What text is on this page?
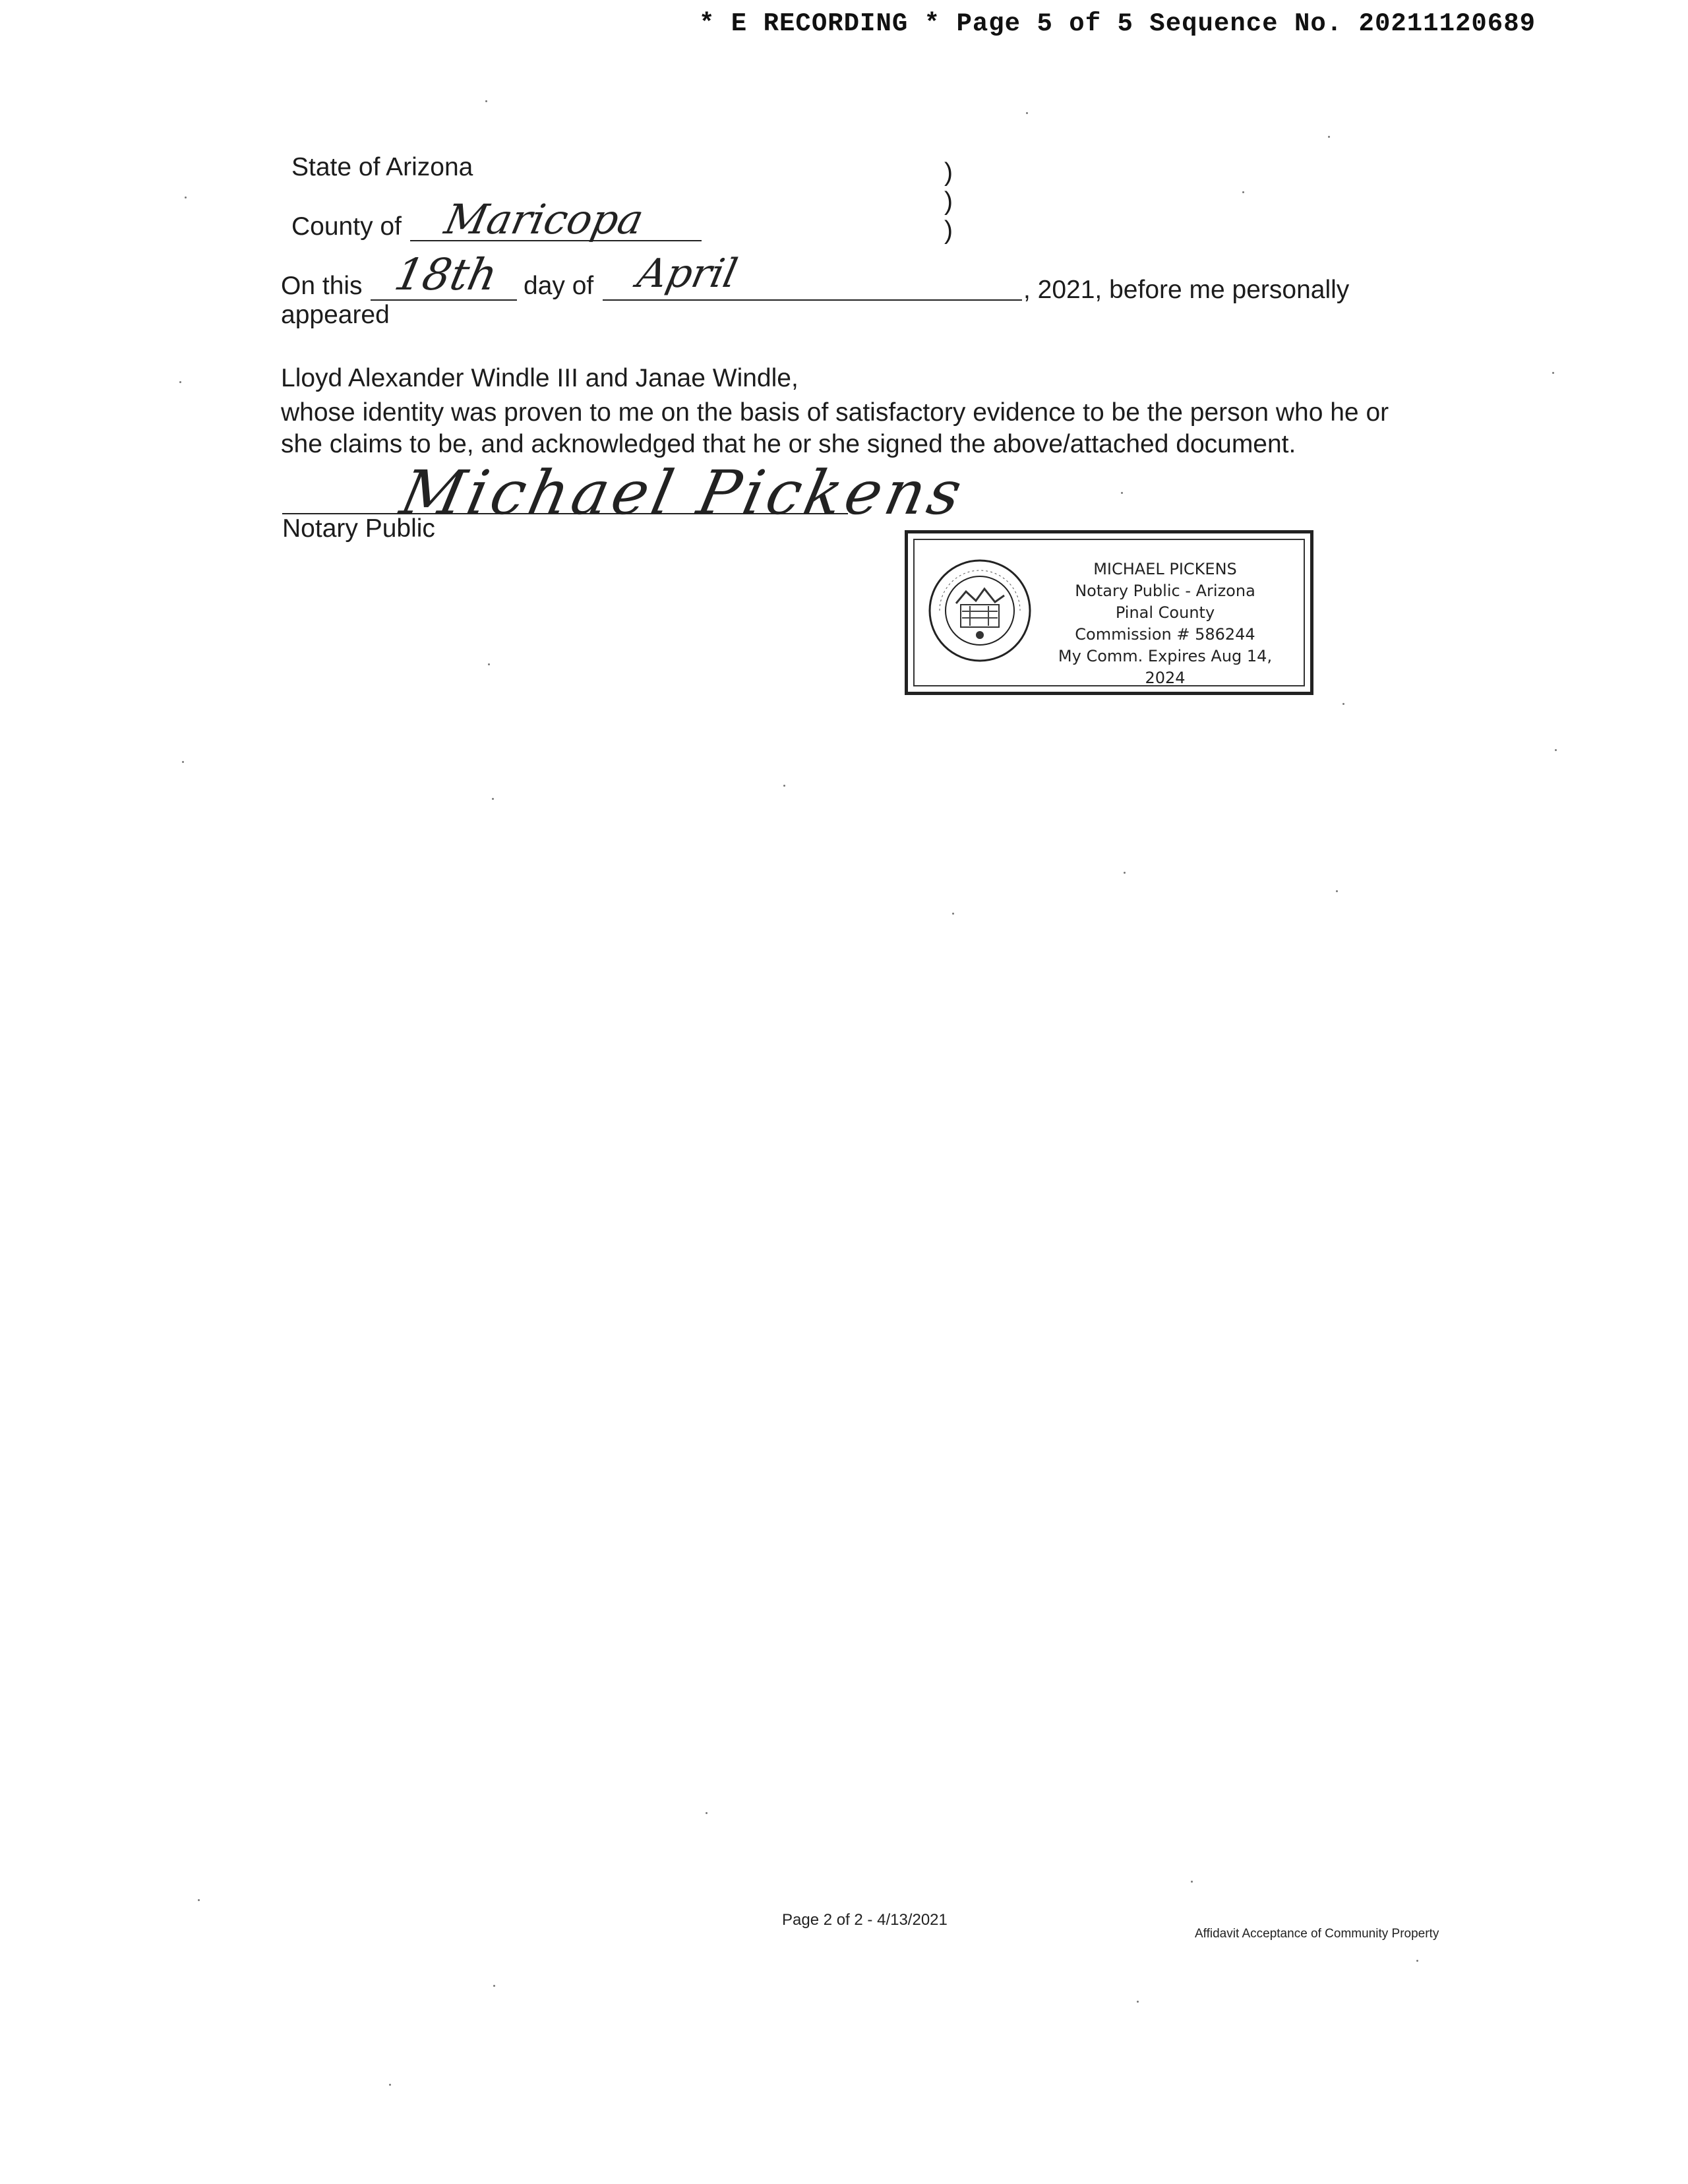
* E RECORDING * Page 5 of 5 Sequence No. 20211120689
State of Arizona
County of Maricopa
)
)
)
On this 18th day of April	, 2021, before me personally
appeared
Lloyd Alexander Windle III and Janae Windle,
whose identity was proven to me on the basis of satisfactory evidence to be the person who he or
she claims to be, and acknowledged that he or she signed the above/attached document.
Michael Pickens
Notary Public
MICHAEL PICKENS
Notary Public - Arizona
Pinal County
Commission # 586244
My Comm. Expires Aug 14, 2024
Page 2 of 2 - 4/13/2021
Affidavit Acceptance of Community Property
